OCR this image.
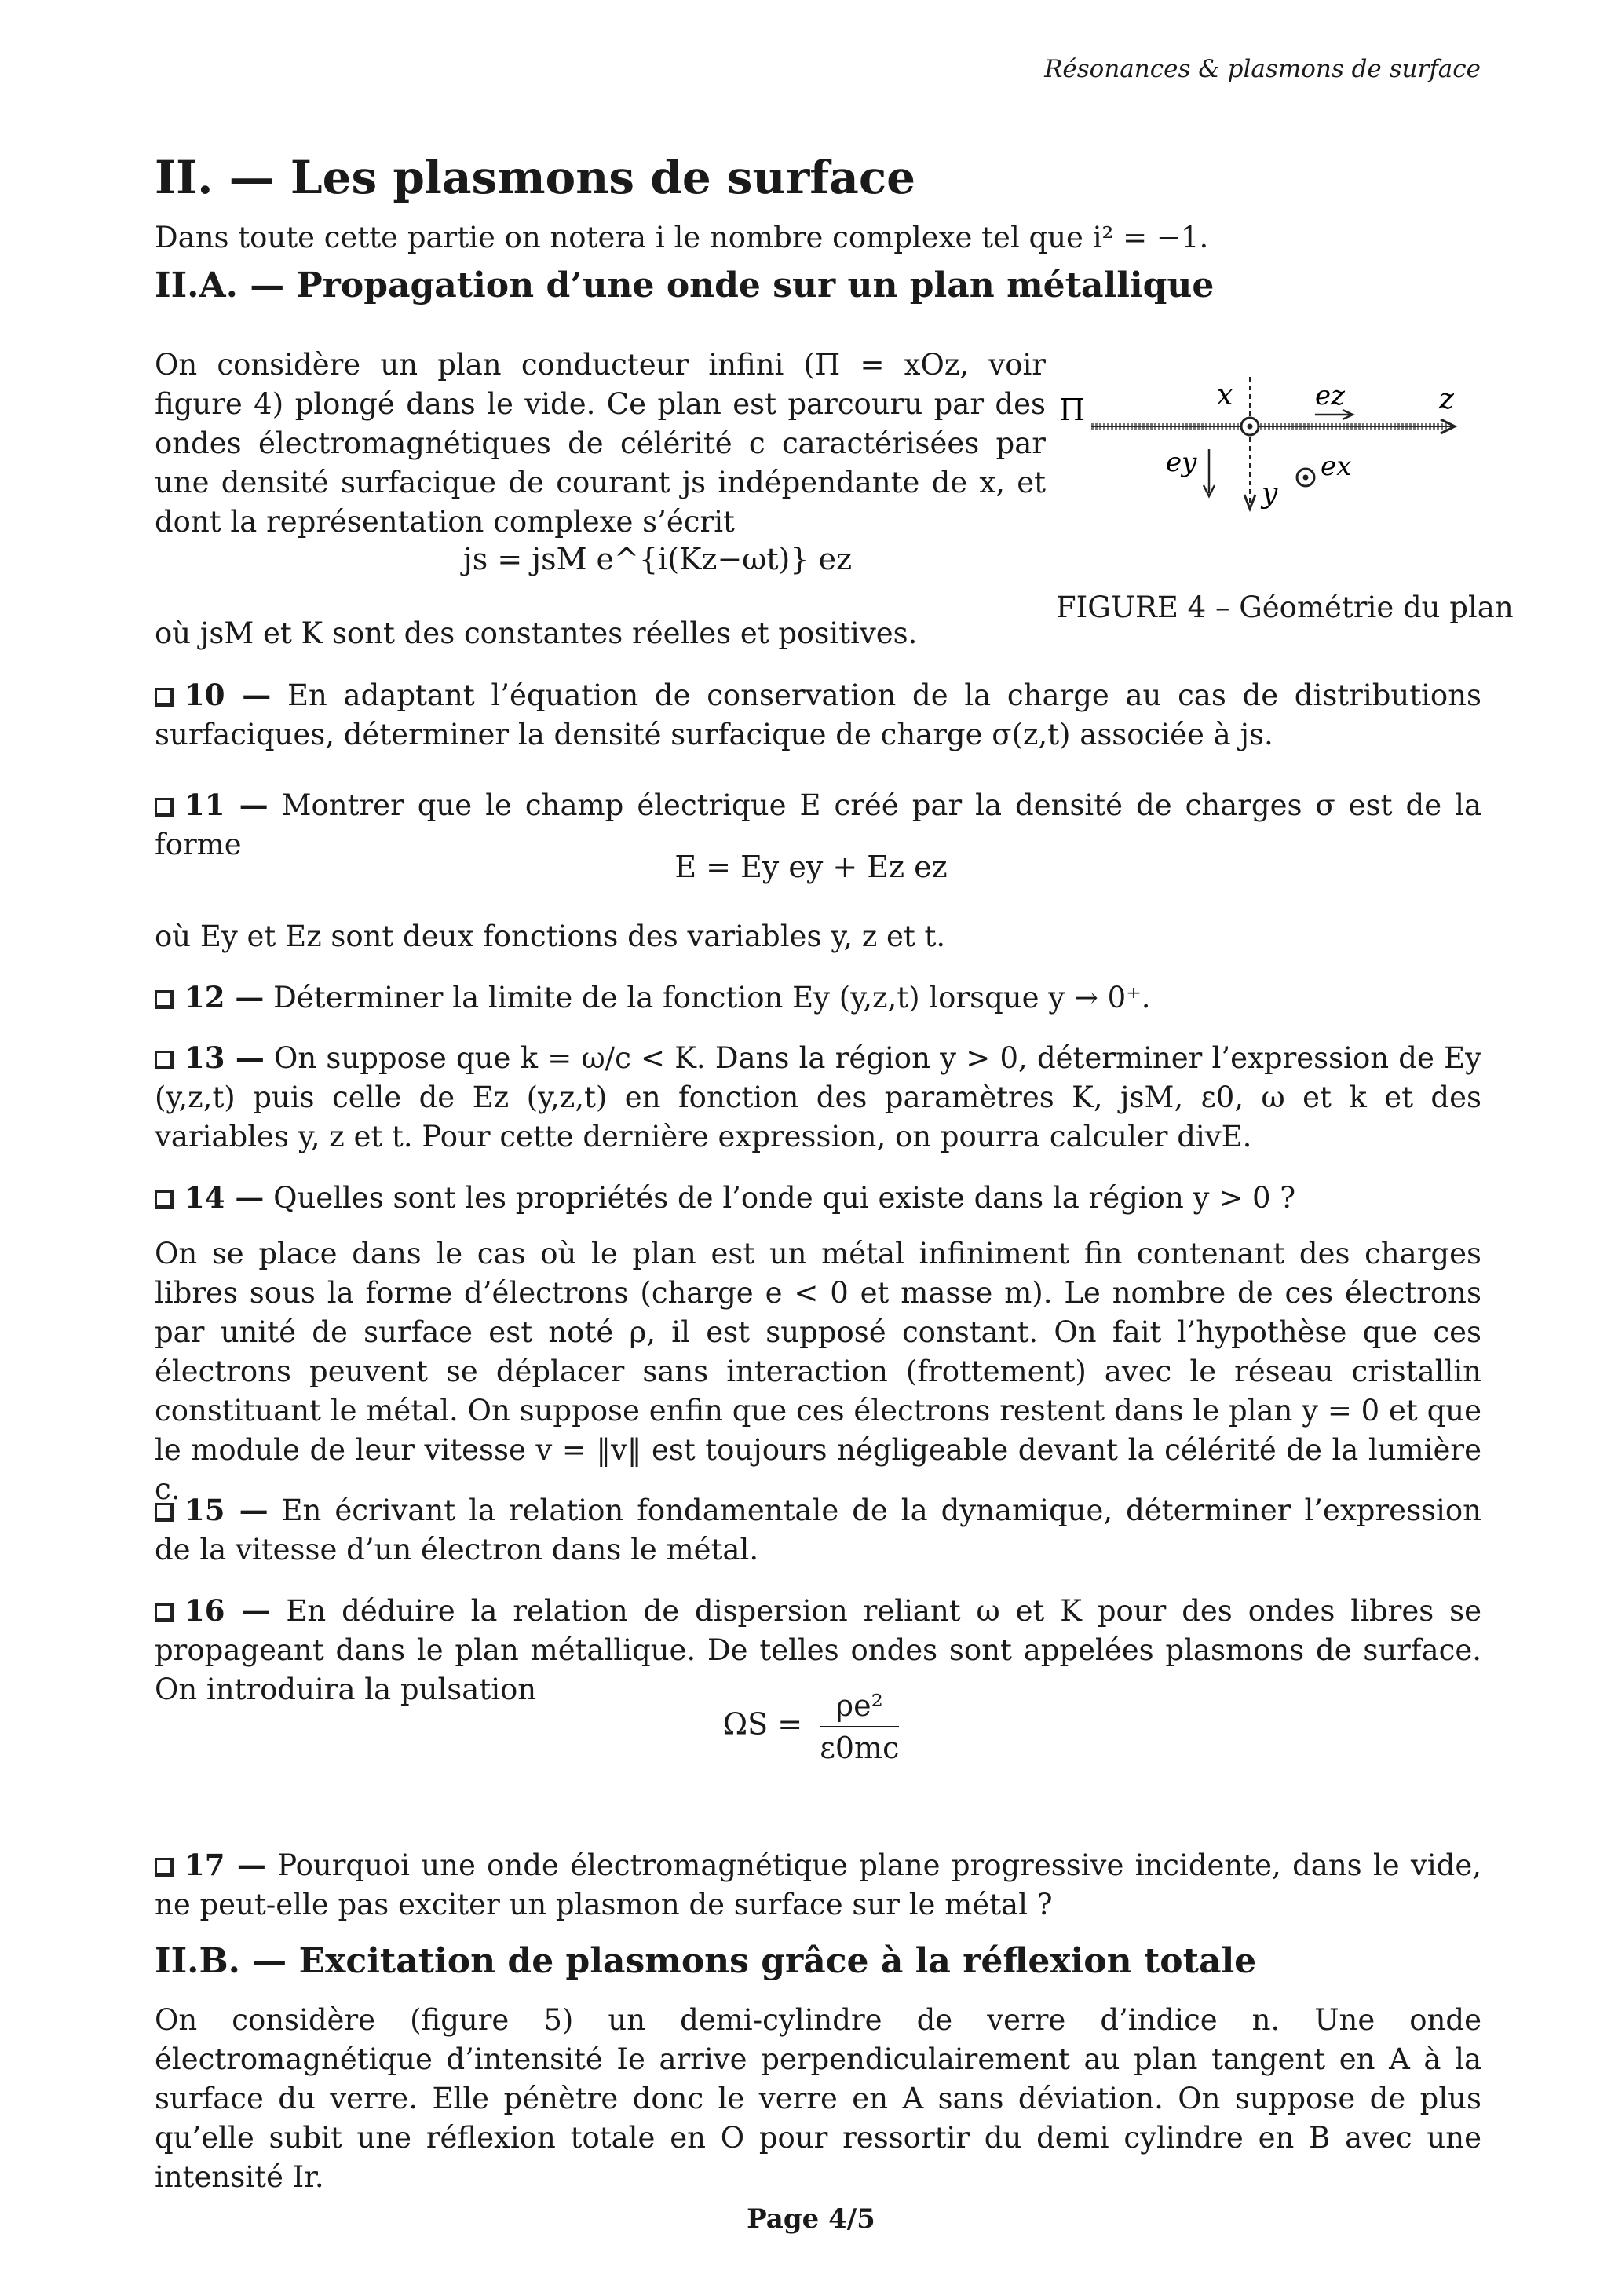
Résonances & plasmons de surface
II. — Les plasmons de surface

Dans toute cette partie on notera i le nombre complexe tel que i² = −1.

II.A. — Propagation d’une onde sur un plan métallique

On considère un plan conducteur infini (Π = xOz, voir figure 4) plongé dans le vide. Ce plan est parcouru par des ondes électromagnétiques de célérité c caractérisées par une densité surfacique de courant js indépendante de x, et dont la représentation complexe s’écrit

js = jsM e^{i(Kz−ωt)} ez

où jsM et K sont des constantes réelles et positives.

Π	z
x	ez
ey
y
ex
FIGURE 4 – Géométrie du plan

10 — En adaptant l’équation de conservation de la charge au cas de distributions surfaciques, déterminer la densité surfacique de charge σ(z,t) associée à js.

11 — Montrer que le champ électrique E créé par la densité de charges σ est de la forme

E = Ey ey + Ez ez

où Ey et Ez sont deux fonctions des variables y, z et t.

12 — Déterminer la limite de la fonction Ey (y,z,t) lorsque y → 0⁺.

13 — On suppose que k = ω/c < K. Dans la région y > 0, déterminer l’expression de Ey (y,z,t) puis celle de Ez (y,z,t) en fonction des paramètres K, jsM, ε0, ω et k et des variables y, z et t. Pour cette dernière expression, on pourra calculer divE.

14 — Quelles sont les propriétés de l’onde qui existe dans la région y > 0 ?

On se place dans le cas où le plan est un métal infiniment fin contenant des charges libres sous la forme d’électrons (charge e < 0 et masse m). Le nombre de ces électrons par unité de surface est noté ρ, il est supposé constant. On fait l’hypothèse que ces électrons peuvent se déplacer sans interaction (frottement) avec le réseau cristallin constituant le métal. On suppose enfin que ces électrons restent dans le plan y = 0 et que le module de leur vitesse v = ‖v‖ est toujours négligeable devant la célérité de la lumière c.

15 — En écrivant la relation fondamentale de la dynamique, déterminer l’expression de la vitesse d’un électron dans le métal.

16 — En déduire la relation de dispersion reliant ω et K pour des ondes libres se propageant dans le plan métallique. De telles ondes sont appelées plasmons de surface. On introduira la pulsation

$\Omega S = \frac{\text{ρe²}}{\varepsilon 0mc}$

17 — Pourquoi une onde électromagnétique plane progressive incidente, dans le vide, ne peut-elle pas exciter un plasmon de surface sur le métal ?

II.B. — Excitation de plasmons grâce à la réflexion totale

On considère (figure 5) un demi-cylindre de verre d’indice n. Une onde électromagnétique d’intensité Ie arrive perpendiculairement au plan tangent en A à la surface du verre. Elle pénètre donc le verre en A sans déviation. On suppose de plus qu’elle subit une réflexion totale en O pour ressortir du demi cylindre en B avec une intensité Ir.

Page 4/5
